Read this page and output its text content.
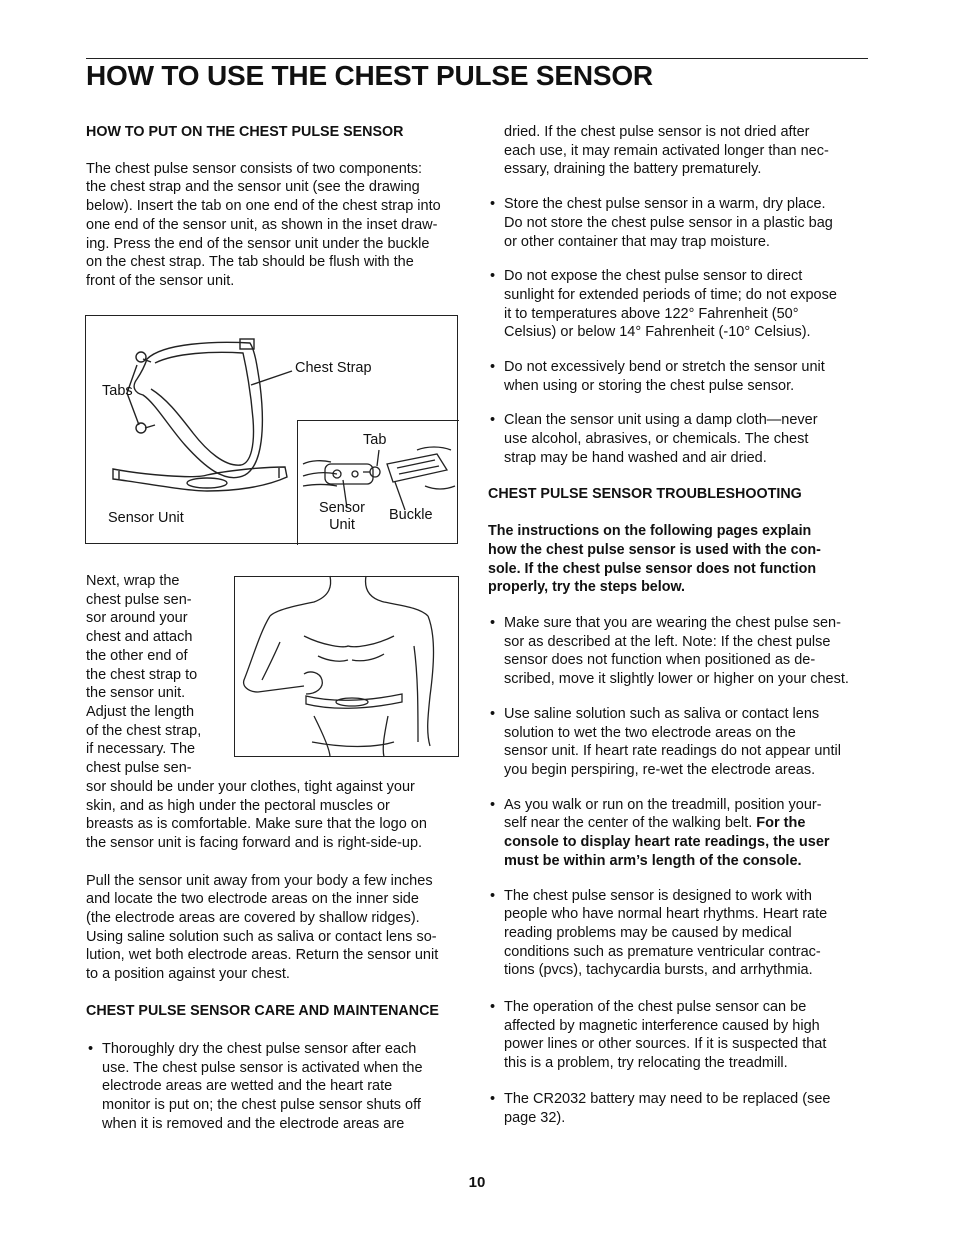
HOW TO USE THE CHEST PULSE SENSOR

HOW TO PUT ON THE CHEST PULSE SENSOR

The chest pulse sensor consists of two components:
the chest strap and the sensor unit (see the drawing
below). Insert the tab on one end of the chest strap into
one end of the sensor unit, as shown in the inset draw-
ing. Press the end of the sensor unit under the buckle
on the chest strap. The tab should be flush with the
front of the sensor unit.

Chest Strap
Tabs
Sensor Unit
Tab
Sensor
Unit
Buckle
Next, wrap the
chest pulse sen-
sor around your
chest and attach
the other end of
the chest strap to
the sensor unit.
Adjust the length
of the chest strap,
if necessary. The
chest pulse sen-

sor should be under your clothes, tight against your
skin, and as high under the pectoral muscles or
breasts as is comfortable. Make sure that the logo on
the sensor unit is facing forward and is right-side-up.

Pull the sensor unit away from your body a few inches
and locate the two electrode areas on the inner side
(the electrode areas are covered by shallow ridges).
Using saline solution such as saliva or contact lens so-
lution, wet both electrode areas. Return the sensor unit
to a position against your chest.

CHEST PULSE SENSOR CARE AND MAINTENANCE

• Thoroughly dry the chest pulse sensor after each
use. The chest pulse sensor is activated when the
electrode areas are wetted and the heart rate
monitor is put on; the chest pulse sensor shuts off
when it is removed and the electrode areas are

dried. If the chest pulse sensor is not dried after
each use, it may remain activated longer than nec-
essary, draining the battery prematurely.

• Store the chest pulse sensor in a warm, dry place.
Do not store the chest pulse sensor in a plastic bag
or other container that may trap moisture.

• Do not expose the chest pulse sensor to direct
sunlight for extended periods of time; do not expose
it to temperatures above 122° Fahrenheit (50°
Celsius) or below 14° Fahrenheit (-10° Celsius).

• Do not excessively bend or stretch the sensor unit
when using or storing the chest pulse sensor.

• Clean the sensor unit using a damp cloth—never
use alcohol, abrasives, or chemicals. The chest
strap may be hand washed and air dried.

CHEST PULSE SENSOR TROUBLESHOOTING

The instructions on the following pages explain
how the chest pulse sensor is used with the con-
sole. If the chest pulse sensor does not function
properly, try the steps below.

• Make sure that you are wearing the chest pulse sen-
sor as described at the left. Note: If the chest pulse
sensor does not function when positioned as de-
scribed, move it slightly lower or higher on your chest.

• Use saline solution such as saliva or contact lens
solution to wet the two electrode areas on the
sensor unit. If heart rate readings do not appear until
you begin perspiring, re-wet the electrode areas.

• As you walk or run on the treadmill, position your-
self near the center of the walking belt. For the
console to display heart rate readings, the user
must be within arm’s length of the console.

• The chest pulse sensor is designed to work with
people who have normal heart rhythms. Heart rate
reading problems may be caused by medical
conditions such as premature ventricular contrac-
tions (pvcs), tachycardia bursts, and arrhythmia.

• The operation of the chest pulse sensor can be
affected by magnetic interference caused by high
power lines or other sources. If it is suspected that
this is a problem, try relocating the treadmill.

• The CR2032 battery may need to be replaced (see
page 32).

10
